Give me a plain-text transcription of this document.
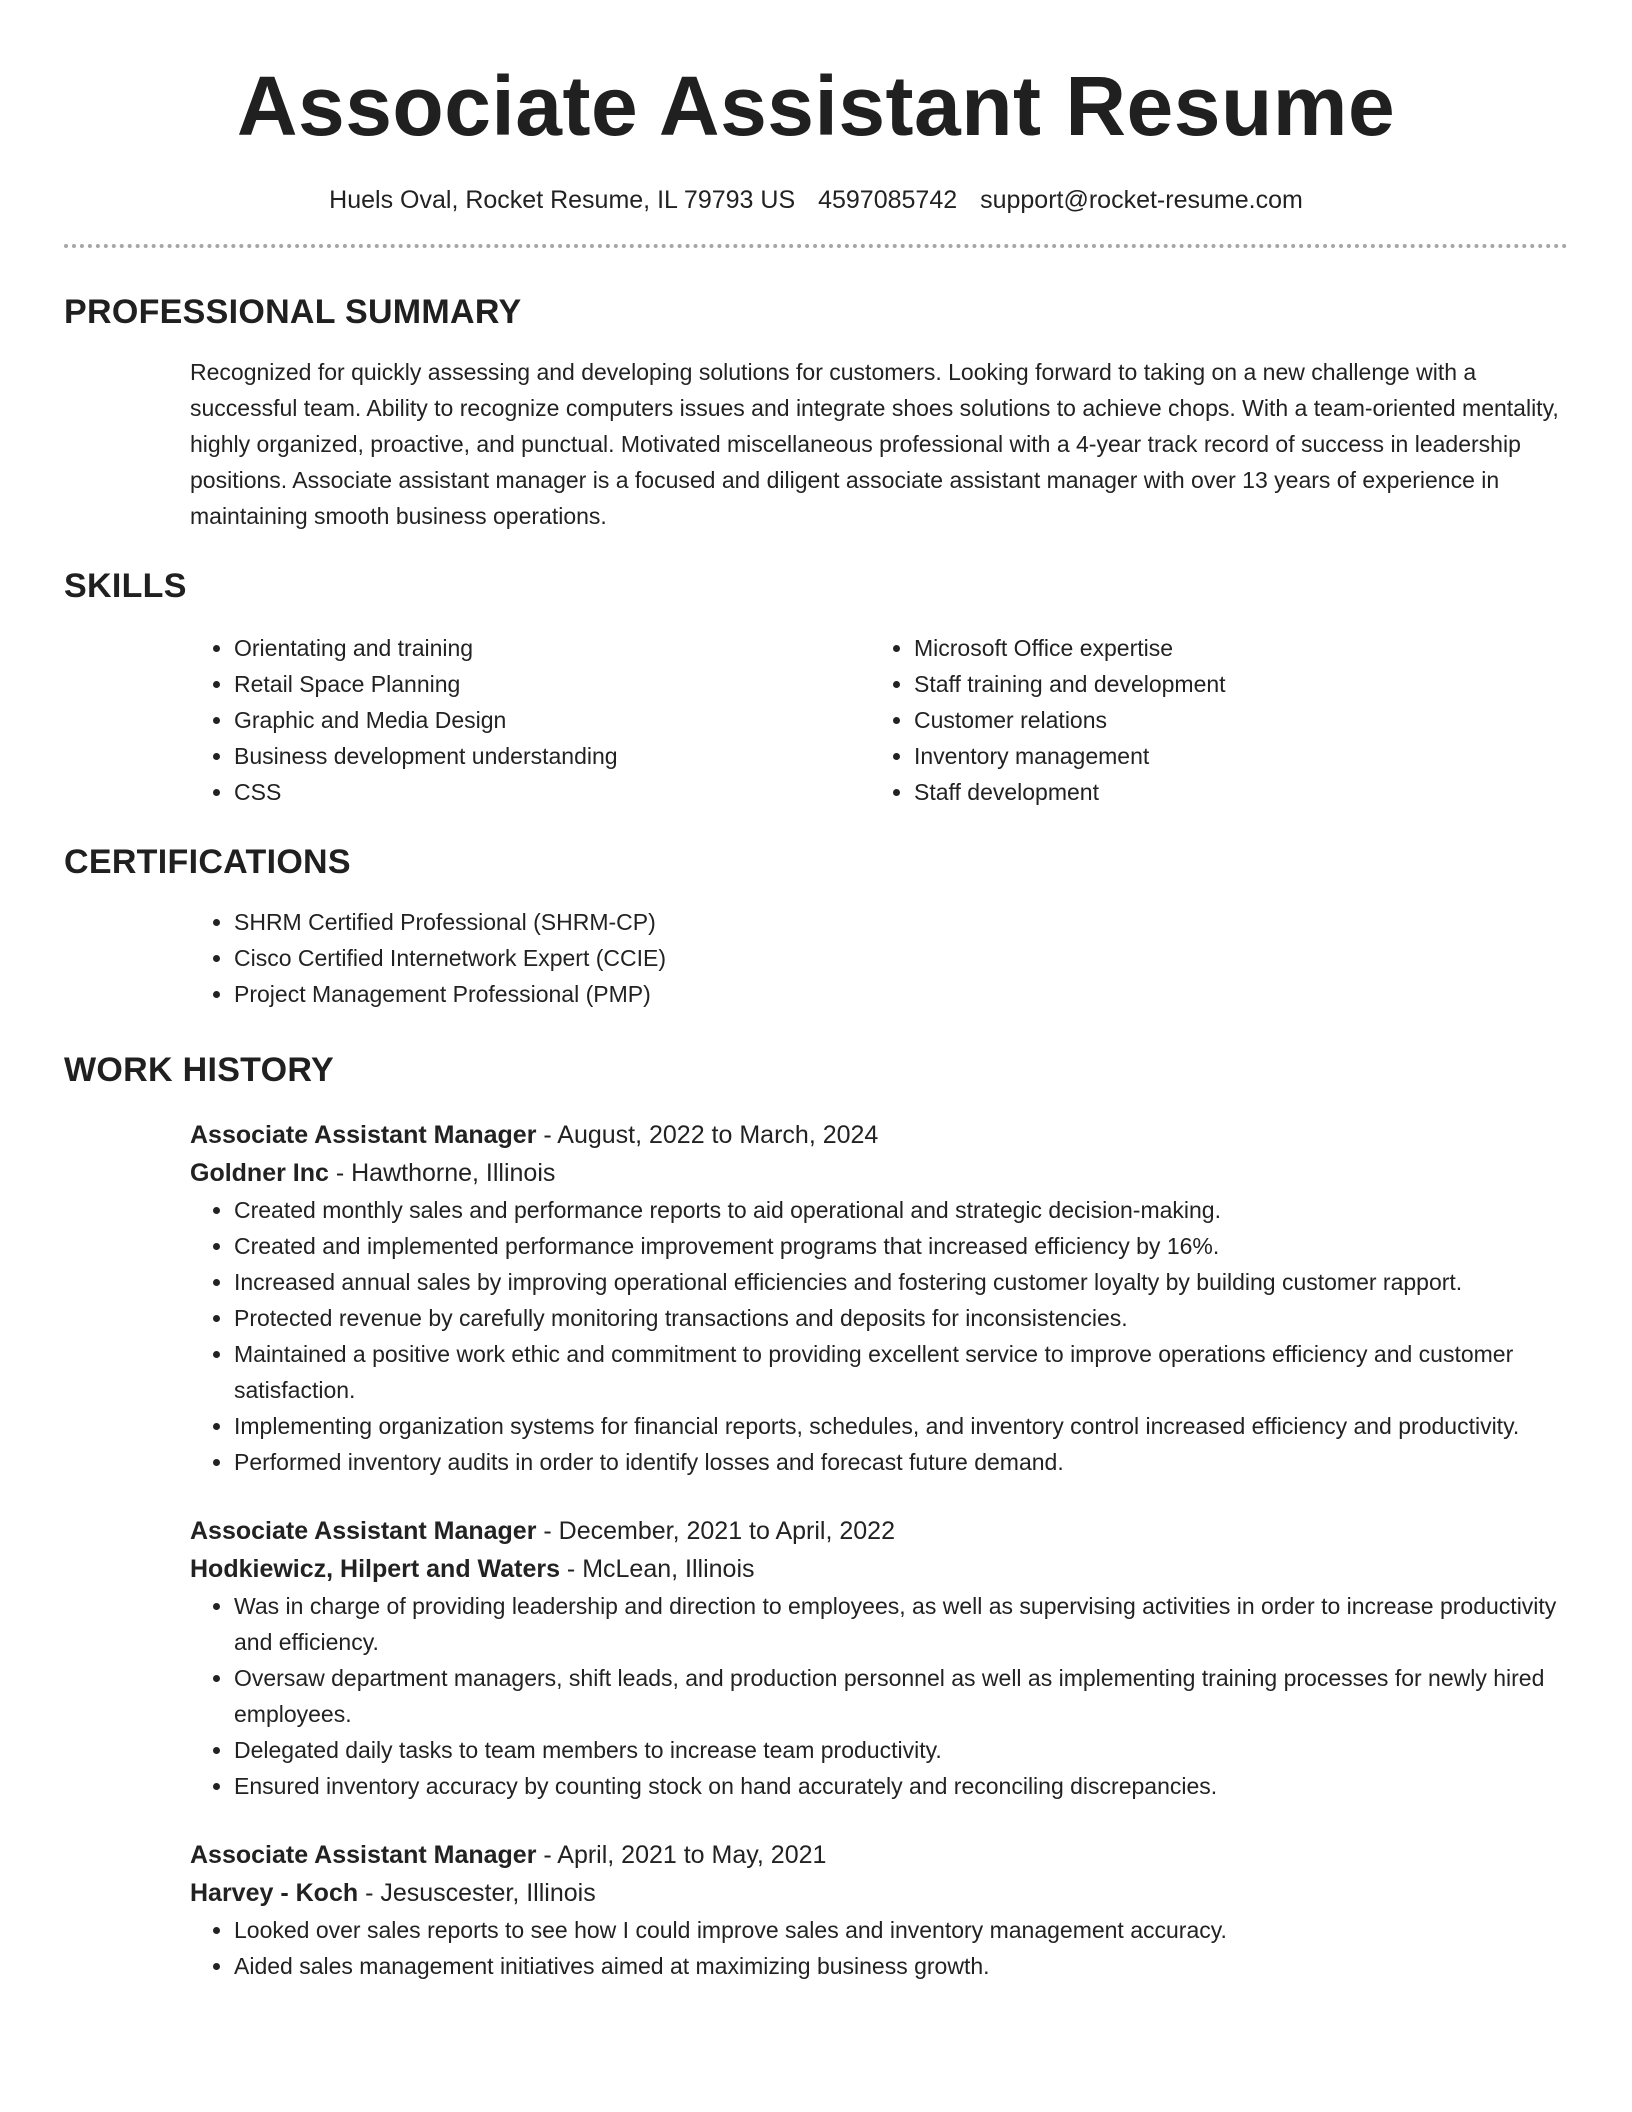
Associate Assistant Resume
Huels Oval, Rocket Resume, IL 79793 US 4597085742 support@rocket-resume.com
PROFESSIONAL SUMMARY
Recognized for quickly assessing and developing solutions for customers. Looking forward to taking on a new challenge with a successful team. Ability to recognize computers issues and integrate shoes solutions to achieve chops. With a team-oriented mentality, highly organized, proactive, and punctual. Motivated miscellaneous professional with a 4-year track record of success in leadership positions. Associate assistant manager is a focused and diligent associate assistant manager with over 13 years of experience in maintaining smooth business operations.
SKILLS
• Orientating and training
• Retail Space Planning
• Graphic and Media Design
• Business development understanding
• CSS
• Microsoft Office expertise
• Staff training and development
• Customer relations
• Inventory management
• Staff development
CERTIFICATIONS
• SHRM Certified Professional (SHRM-CP)
• Cisco Certified Internetwork Expert (CCIE)
• Project Management Professional (PMP)
WORK HISTORY
Associate Assistant Manager - August, 2022 to March, 2024
Goldner Inc - Hawthorne, Illinois
• Created monthly sales and performance reports to aid operational and strategic decision-making.
• Created and implemented performance improvement programs that increased efficiency by 16%.
• Increased annual sales by improving operational efficiencies and fostering customer loyalty by building customer rapport.
• Protected revenue by carefully monitoring transactions and deposits for inconsistencies.
• Maintained a positive work ethic and commitment to providing excellent service to improve operations efficiency and customer satisfaction.
• Implementing organization systems for financial reports, schedules, and inventory control increased efficiency and productivity.
• Performed inventory audits in order to identify losses and forecast future demand.
Associate Assistant Manager - December, 2021 to April, 2022
Hodkiewicz, Hilpert and Waters - McLean, Illinois
• Was in charge of providing leadership and direction to employees, as well as supervising activities in order to increase productivity and efficiency.
• Oversaw department managers, shift leads, and production personnel as well as implementing training processes for newly hired employees.
• Delegated daily tasks to team members to increase team productivity.
• Ensured inventory accuracy by counting stock on hand accurately and reconciling discrepancies.
Associate Assistant Manager - April, 2021 to May, 2021
Harvey - Koch - Jesuscester, Illinois
• Looked over sales reports to see how I could improve sales and inventory management accuracy.
• Aided sales management initiatives aimed at maximizing business growth.
